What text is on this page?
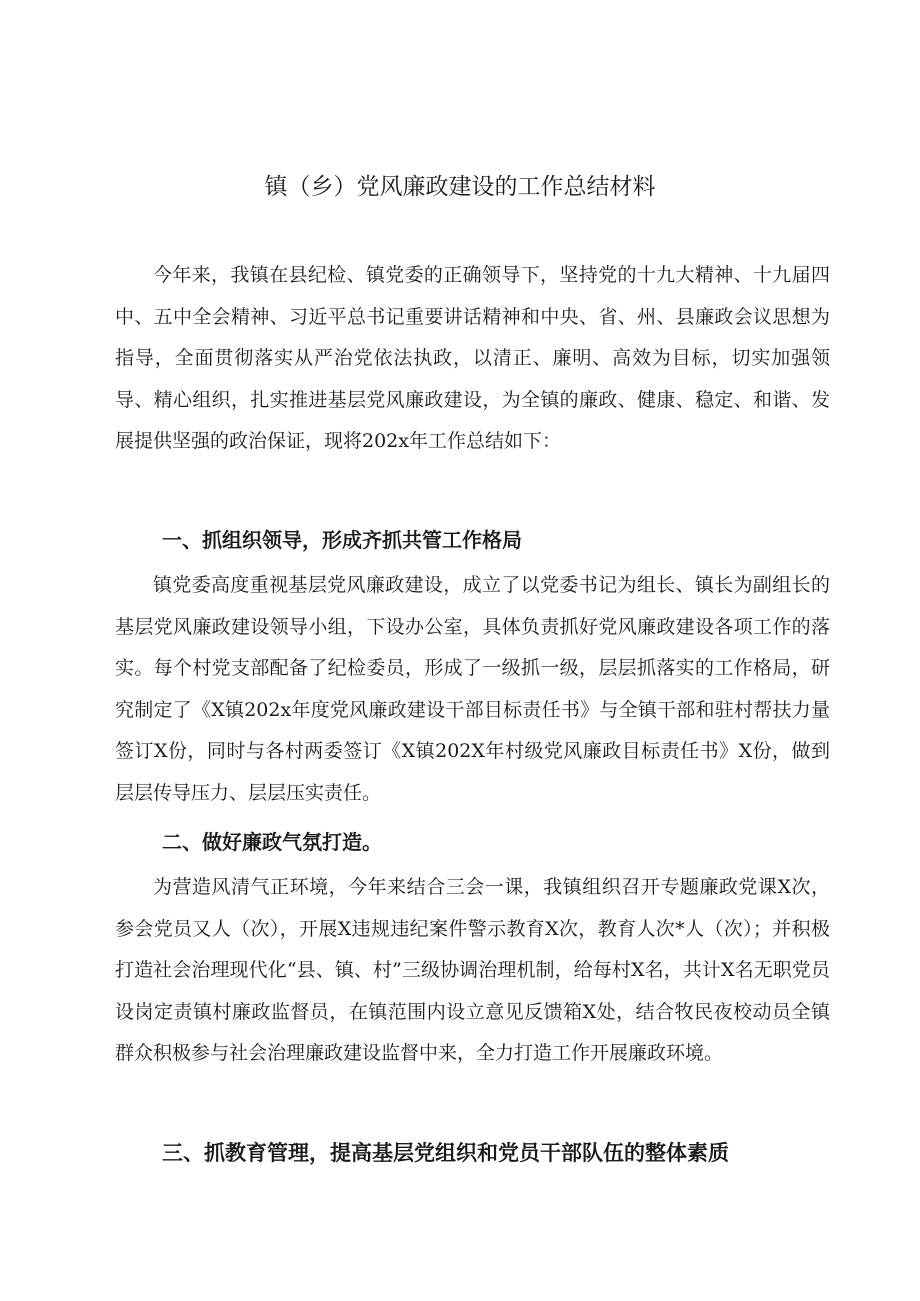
镇（乡）党风廉政建设的工作总结材料

今年来，我镇在县纪检、镇党委的正确领导下，坚持党的十九大精神、十九届四中、五中全会精神、习近平总书记重要讲话精神和中央、省、州、县廉政会议思想为指导，全面贯彻落实从严治党依法执政，以清正、廉明、高效为目标，切实加强领导、精心组织，扎实推进基层党风廉政建设，为全镇的廉政、健康、稳定、和谐、发展提供坚强的政治保证，现将202x年工作总结如下：

一、抓组织领导，形成齐抓共管工作格局

镇党委高度重视基层党风廉政建设，成立了以党委书记为组长、镇长为副组长的基层党风廉政建设领导小组，下设办公室，具体负责抓好党风廉政建设各项工作的落实。每个村党支部配备了纪检委员，形成了一级抓一级，层层抓落实的工作格局，研究制定了《X镇202x年度党风廉政建设干部目标责任书》与全镇干部和驻村帮扶力量签订X份，同时与各村两委签订《X镇202X年村级党风廉政目标责任书》X份，做到层层传导压力、层层压实责任。

二、做好廉政气氛打造。

为营造风清气正环境，今年来结合三会一课，我镇组织召开专题廉政党课X次，参会党员又人（次），开展X违规违纪案件警示教育X次，教育人次*人（次）；并积极打造社会治理现代化“县、镇、村”三级协调治理机制，给每村X名，共计X名无职党员设岗定责镇村廉政监督员，在镇范围内设立意见反馈箱X处，结合牧民夜校动员全镇群众积极参与社会治理廉政建设监督中来，全力打造工作开展廉政环境。

三、抓教育管理，提高基层党组织和党员干部队伍的整体素质
